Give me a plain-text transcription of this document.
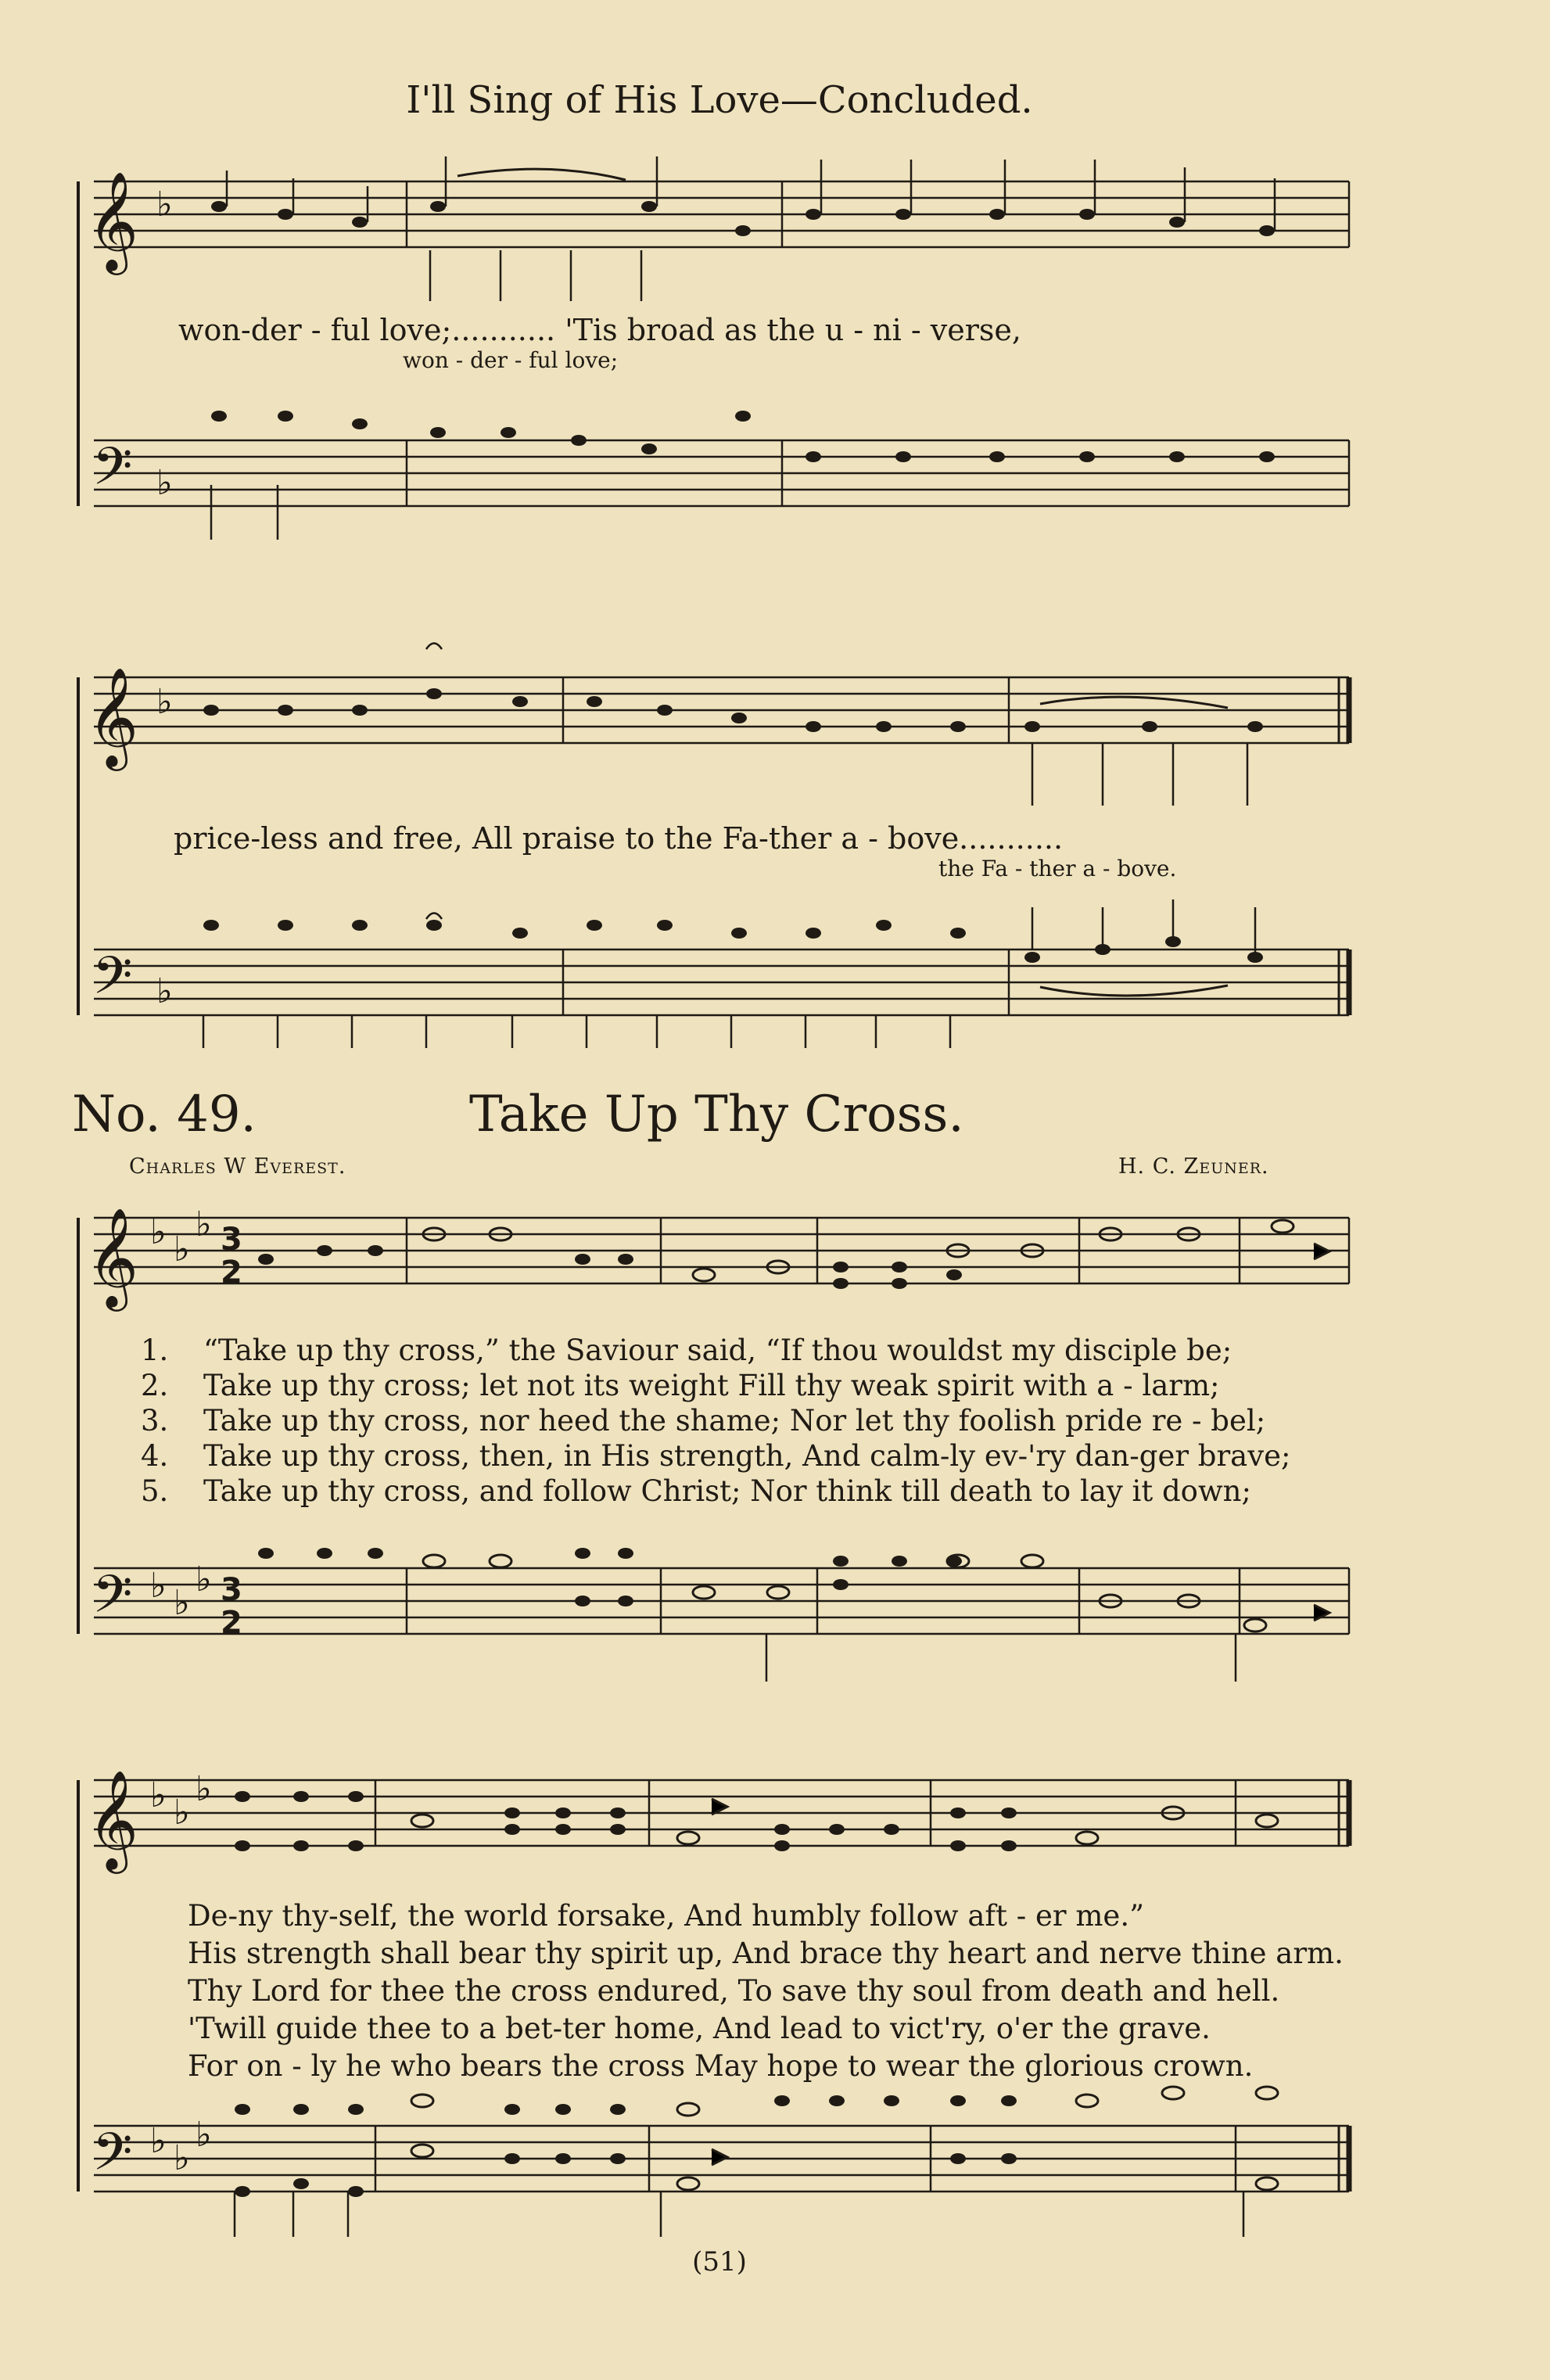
𝄞
𝄢
𝄞
𝄢
𝄞
𝄢
𝄞
𝄢
♭
♭
♭
♭
♭ ♭
♭
♭ ♭
♭
♭ ♭
♭
♭ ♭
♭
3
2
3
2
I'll Sing of His Love—Concluded.
won-der - ful love;........... 'Tis broad as the u - ni - verse,
won - der - ful love;
price-less and free, All praise to the Fa-ther a - bove...........
the Fa - ther a - bove.
No. 49.	Take Up Thy Cross.
Charles W Everest.	H. C. Zeuner.
1.	“Take up thy cross,” the Saviour said, “If thou wouldst my disciple be;
2.	Take up thy cross; let not its weight Fill thy weak spirit with a - larm;
3.	Take up thy cross, nor heed the shame; Nor let thy foolish pride re - bel;
4.	Take up thy cross, then, in His strength, And calm-ly ev-'ry dan-ger brave;
5.	Take up thy cross, and follow Christ; Nor think till death to lay it down;
De-ny thy-self, the world forsake, And humbly follow aft - er me.”
His strength shall bear thy spirit up, And brace thy heart and nerve thine arm.
Thy Lord for thee the cross endured, To save thy soul from death and hell.
'Twill guide thee to a bet-ter home, And lead to vict'ry, o'er the grave.
For on - ly he who bears the cross May hope to wear the glorious crown.
(51)
